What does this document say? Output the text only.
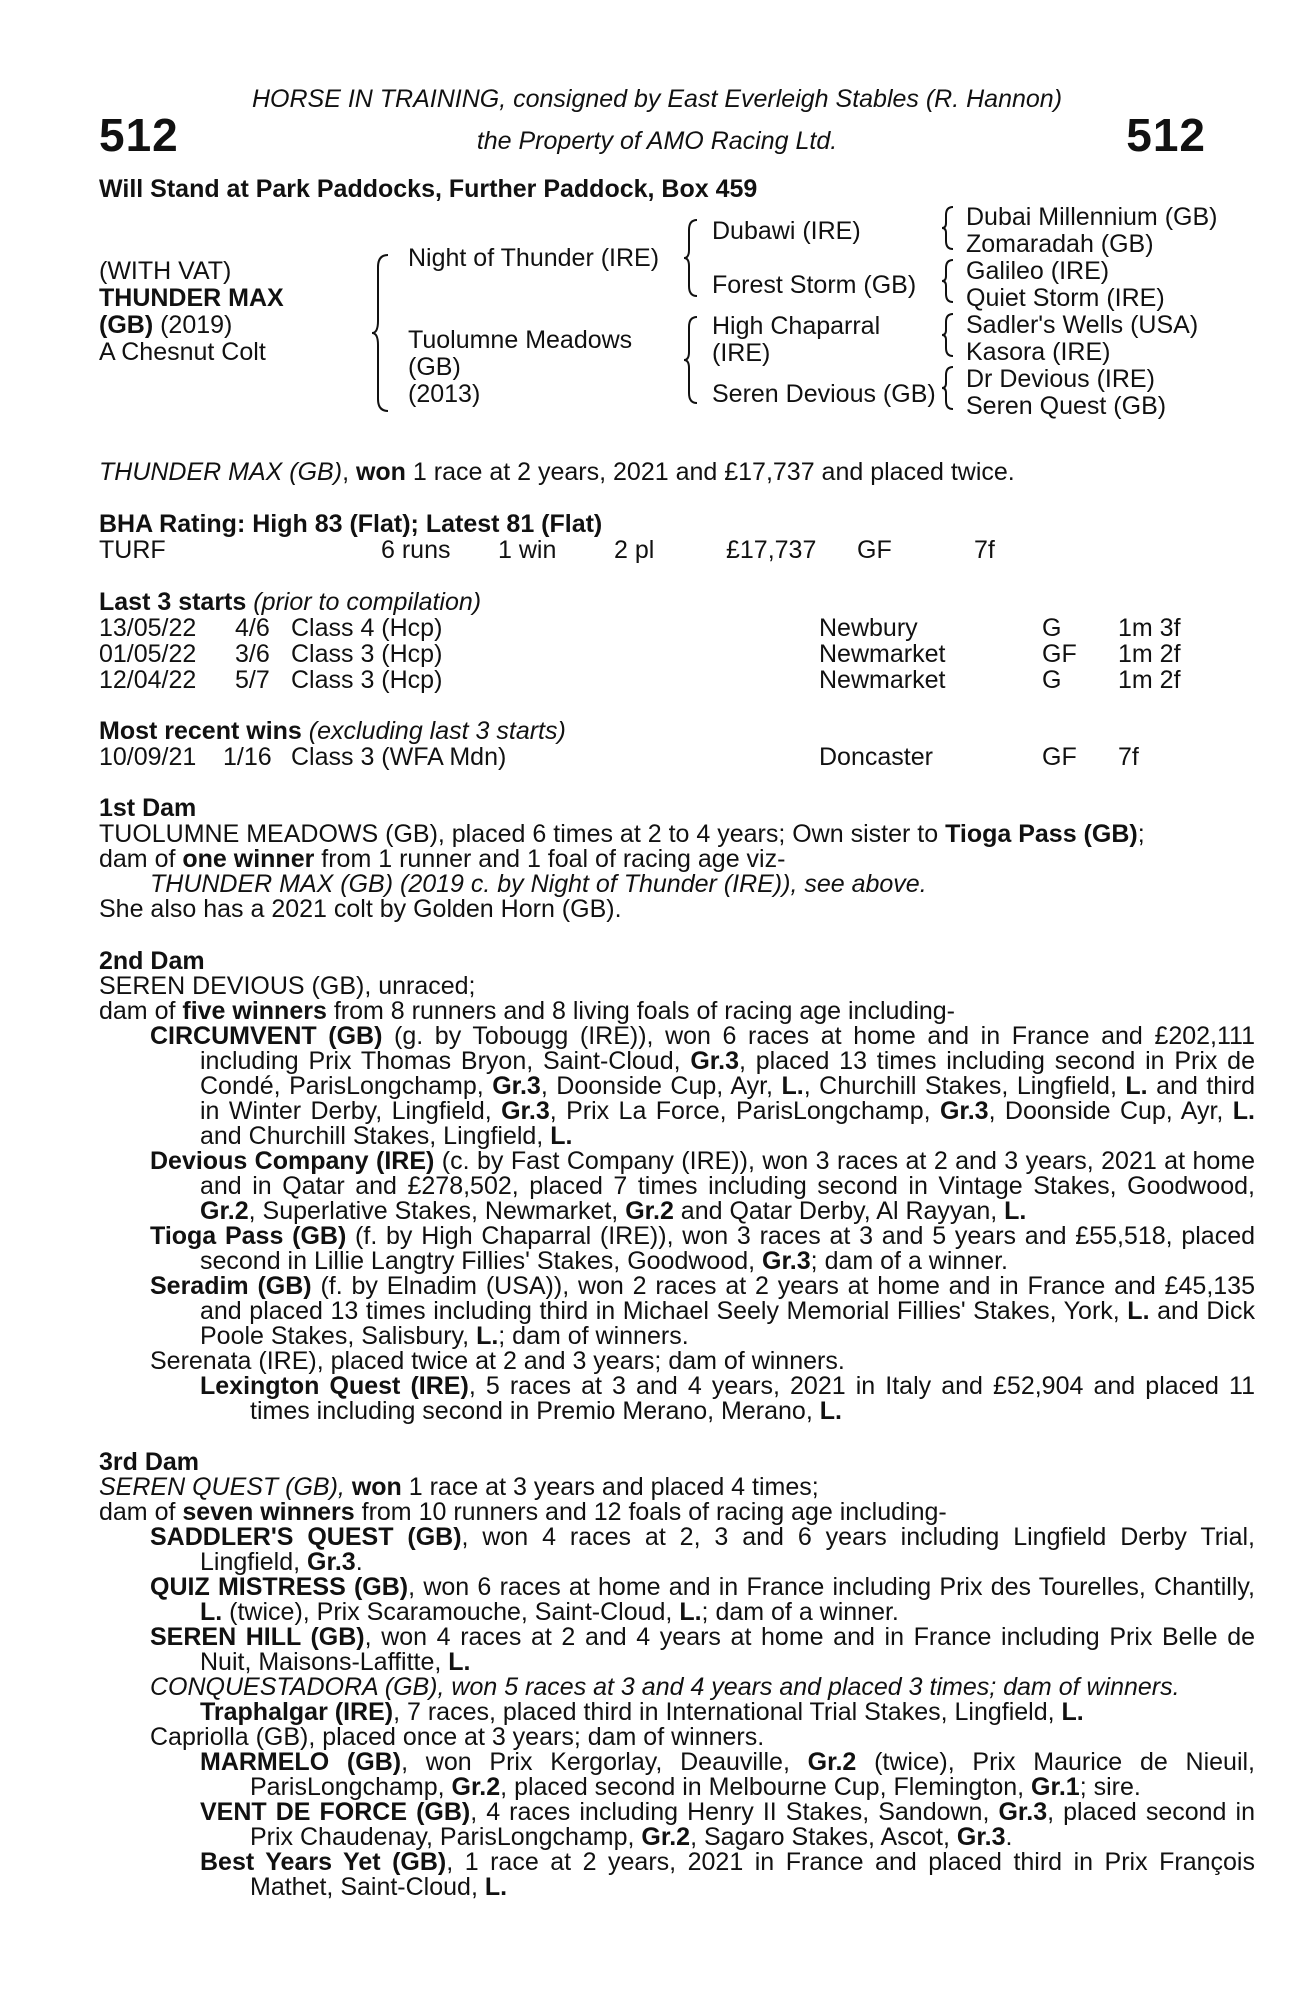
512	512
HORSE IN TRAINING, consigned by East Everleigh Stables (R. Hannon)
the Property of AMO Racing Ltd.
Will Stand at Park Paddocks, Further Paddock, Box 459
(WITH VAT)
THUNDER MAX
(GB) (2019)
A Chesnut Colt
Night of Thunder (IRE)
Tuolumne Meadows
(GB)
(2013)
Dubawi (IRE)
Forest Storm (GB)
High Chaparral
(IRE)
Seren Devious (GB)
Dubai Millennium (GB)
Zomaradah (GB)
Galileo (IRE)
Quiet Storm (IRE)
Sadler's Wells (USA)
Kasora (IRE)
Dr Devious (IRE)
Seren Quest (GB)
THUNDER MAX (GB), won 1 race at 2 years, 2021 and £17,737 and placed twice.
BHA Rating: High 83 (Flat); Latest 81 (Flat)
TURF	6 runs 1 win 2 pl	£17,737 GF	7f
Last 3 starts (prior to compilation)
13/05/22 4/6 Class 4 (Hcp)	Newbury	G 1m 3f
01/05/22 3/6 Class 3 (Hcp)	Newmarket	GF 1m 2f
12/04/22 5/7 Class 3 (Hcp)	Newmarket	G 1m 2f
Most recent wins (excluding last 3 starts)
10/09/21 1/16 Class 3 (WFA Mdn)	Doncaster	GF 7f
1st Dam
TUOLUMNE MEADOWS (GB), placed 6 times at 2 to 4 years; Own sister to Tioga Pass (GB);
dam of one winner from 1 runner and 1 foal of racing age viz-
THUNDER MAX (GB) (2019 c. by Night of Thunder (IRE)), see above.
She also has a 2021 colt by Golden Horn (GB).
2nd Dam
SEREN DEVIOUS (GB), unraced;
dam of five winners from 8 runners and 8 living foals of racing age including-
CIRCUMVENT (GB) (g. by Tobougg (IRE)), won 6 races at home and in France and £202,111 including Prix Thomas Bryon, Saint-Cloud, Gr.3, placed 13 times including second in Prix de Condé, ParisLongchamp, Gr.3, Doonside Cup, Ayr, L., Churchill Stakes, Lingfield, L. and third in Winter Derby, Lingfield, Gr.3, Prix La Force, ParisLongchamp, Gr.3, Doonside Cup, Ayr, L. and Churchill Stakes, Lingfield, L.
Devious Company (IRE) (c. by Fast Company (IRE)), won 3 races at 2 and 3 years, 2021 at home and in Qatar and £278,502, placed 7 times including second in Vintage Stakes, Goodwood, Gr.2, Superlative Stakes, Newmarket, Gr.2 and Qatar Derby, Al Rayyan, L.
Tioga Pass (GB) (f. by High Chaparral (IRE)), won 3 races at 3 and 5 years and £55,518, placed second in Lillie Langtry Fillies' Stakes, Goodwood, Gr.3; dam of a winner.
Seradim (GB) (f. by Elnadim (USA)), won 2 races at 2 years at home and in France and £45,135 and placed 13 times including third in Michael Seely Memorial Fillies' Stakes, York, L. and Dick Poole Stakes, Salisbury, L.; dam of winners.
Serenata (IRE), placed twice at 2 and 3 years; dam of winners.
Lexington Quest (IRE), 5 races at 3 and 4 years, 2021 in Italy and £52,904 and placed 11 times including second in Premio Merano, Merano, L.
3rd Dam
SEREN QUEST (GB), won 1 race at 3 years and placed 4 times;
dam of seven winners from 10 runners and 12 foals of racing age including-
SADDLER'S QUEST (GB), won 4 races at 2, 3 and 6 years including Lingfield Derby Trial, Lingfield, Gr.3.
QUIZ MISTRESS (GB), won 6 races at home and in France including Prix des Tourelles, Chantilly, L. (twice), Prix Scaramouche, Saint-Cloud, L.; dam of a winner.
SEREN HILL (GB), won 4 races at 2 and 4 years at home and in France including Prix Belle de Nuit, Maisons-Laffitte, L.
CONQUESTADORA (GB), won 5 races at 3 and 4 years and placed 3 times; dam of winners.
Traphalgar (IRE), 7 races, placed third in International Trial Stakes, Lingfield, L.
Capriolla (GB), placed once at 3 years; dam of winners.
MARMELO (GB), won Prix Kergorlay, Deauville, Gr.2 (twice), Prix Maurice de Nieuil, ParisLongchamp, Gr.2, placed second in Melbourne Cup, Flemington, Gr.1; sire.
VENT DE FORCE (GB), 4 races including Henry II Stakes, Sandown, Gr.3, placed second in Prix Chaudenay, ParisLongchamp, Gr.2, Sagaro Stakes, Ascot, Gr.3.
Best Years Yet (GB), 1 race at 2 years, 2021 in France and placed third in Prix François Mathet, Saint-Cloud, L.
